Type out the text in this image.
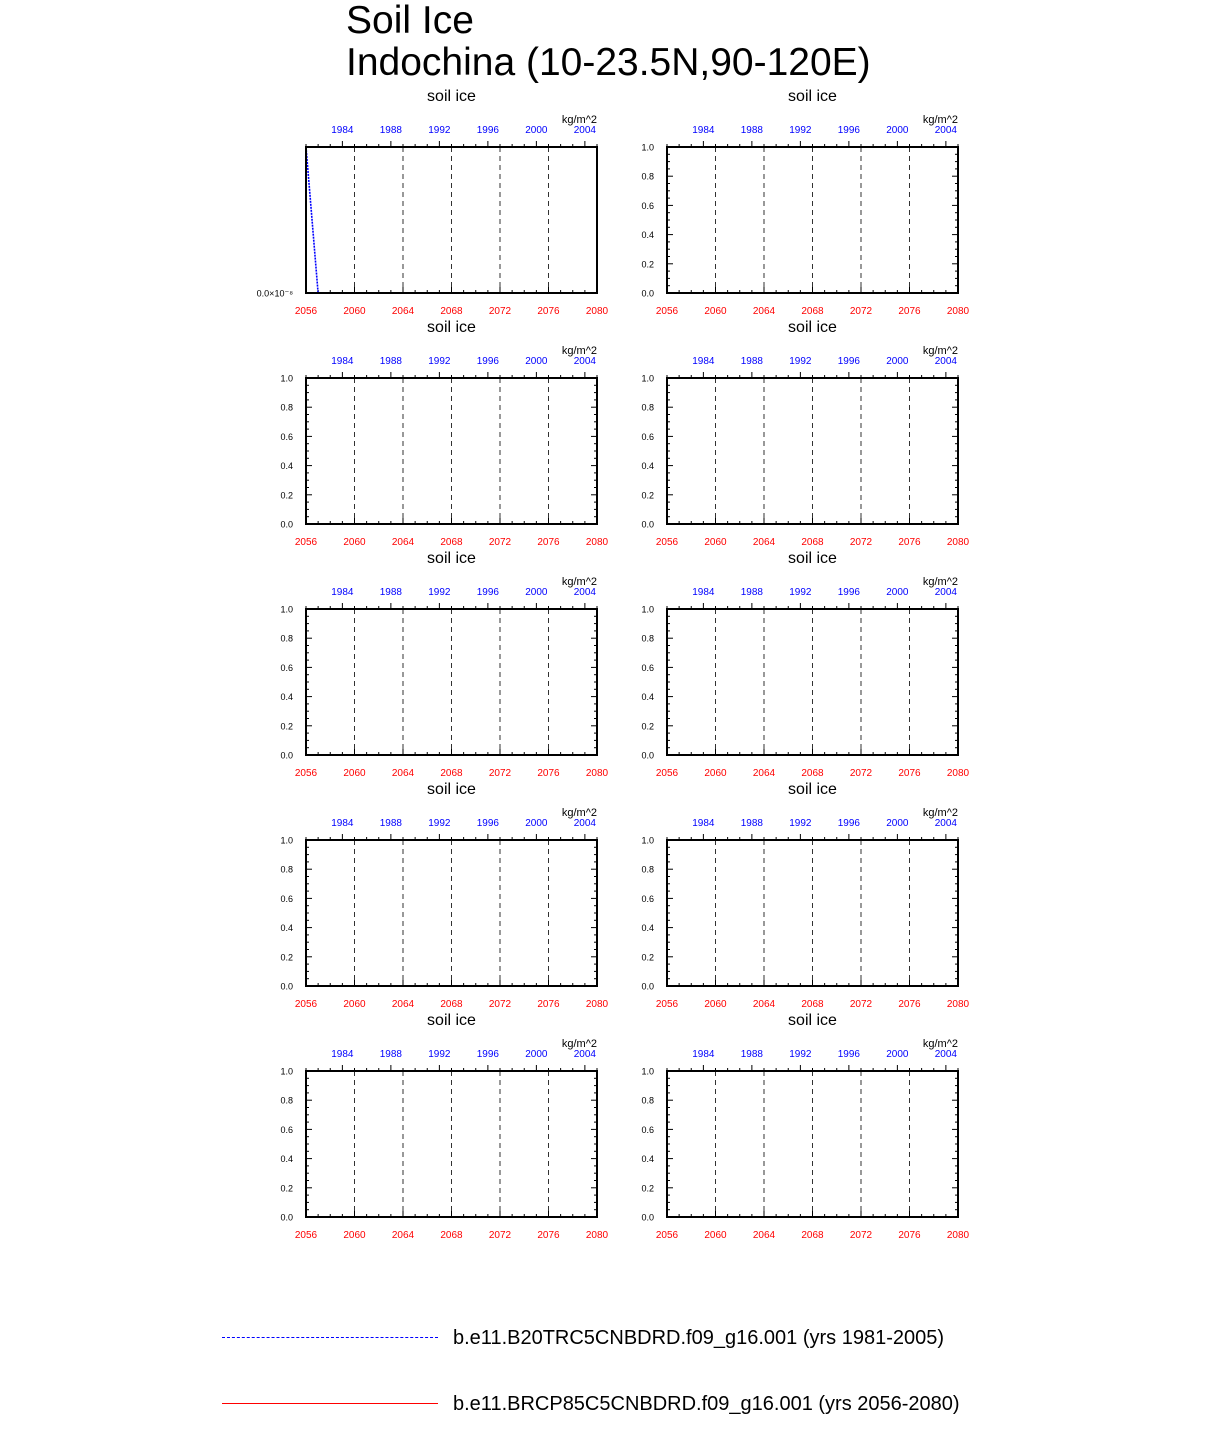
Soil Ice
Indochina (10-23.5N,90-120E)
soil ice
kg/m^2
2056	2060	2064	2068	2072	2076	2080
1984	1988	1992	1996	2000	2004
0.0×10⁻⁸
soil ice
kg/m^2
2056	2060	2064	2068	2072	2076	2080
1984	1988	1992	1996	2000	2004
0.0
0.2
0.4
0.6
0.8
1.0
soil ice
kg/m^2
2056	2060	2064	2068	2072	2076	2080
1984	1988	1992	1996	2000	2004
0.0
0.2
0.4
0.6
0.8
1.0
soil ice
kg/m^2
2056	2060	2064	2068	2072	2076	2080
1984	1988	1992	1996	2000	2004
0.0
0.2
0.4
0.6
0.8
1.0
soil ice
kg/m^2
2056	2060	2064	2068	2072	2076	2080
1984	1988	1992	1996	2000	2004
0.0
0.2
0.4
0.6
0.8
1.0
soil ice
kg/m^2
2056	2060	2064	2068	2072	2076	2080
1984	1988	1992	1996	2000	2004
0.0
0.2
0.4
0.6
0.8
1.0
soil ice
kg/m^2
2056	2060	2064	2068	2072	2076	2080
1984	1988	1992	1996	2000	2004
0.0
0.2
0.4
0.6
0.8
1.0
soil ice
kg/m^2
2056	2060	2064	2068	2072	2076	2080
1984	1988	1992	1996	2000	2004
0.0
0.2
0.4
0.6
0.8
1.0
soil ice
kg/m^2
2056	2060	2064	2068	2072	2076	2080
1984	1988	1992	1996	2000	2004
0.0
0.2
0.4
0.6
0.8
1.0
soil ice
kg/m^2
2056	2060	2064	2068	2072	2076	2080
1984	1988	1992	1996	2000	2004
0.0
0.2
0.4
0.6
0.8
1.0
b.e11.B20TRC5CNBDRD.f09_g16.001 (yrs 1981-2005)
b.e11.BRCP85C5CNBDRD.f09_g16.001 (yrs 2056-2080)
